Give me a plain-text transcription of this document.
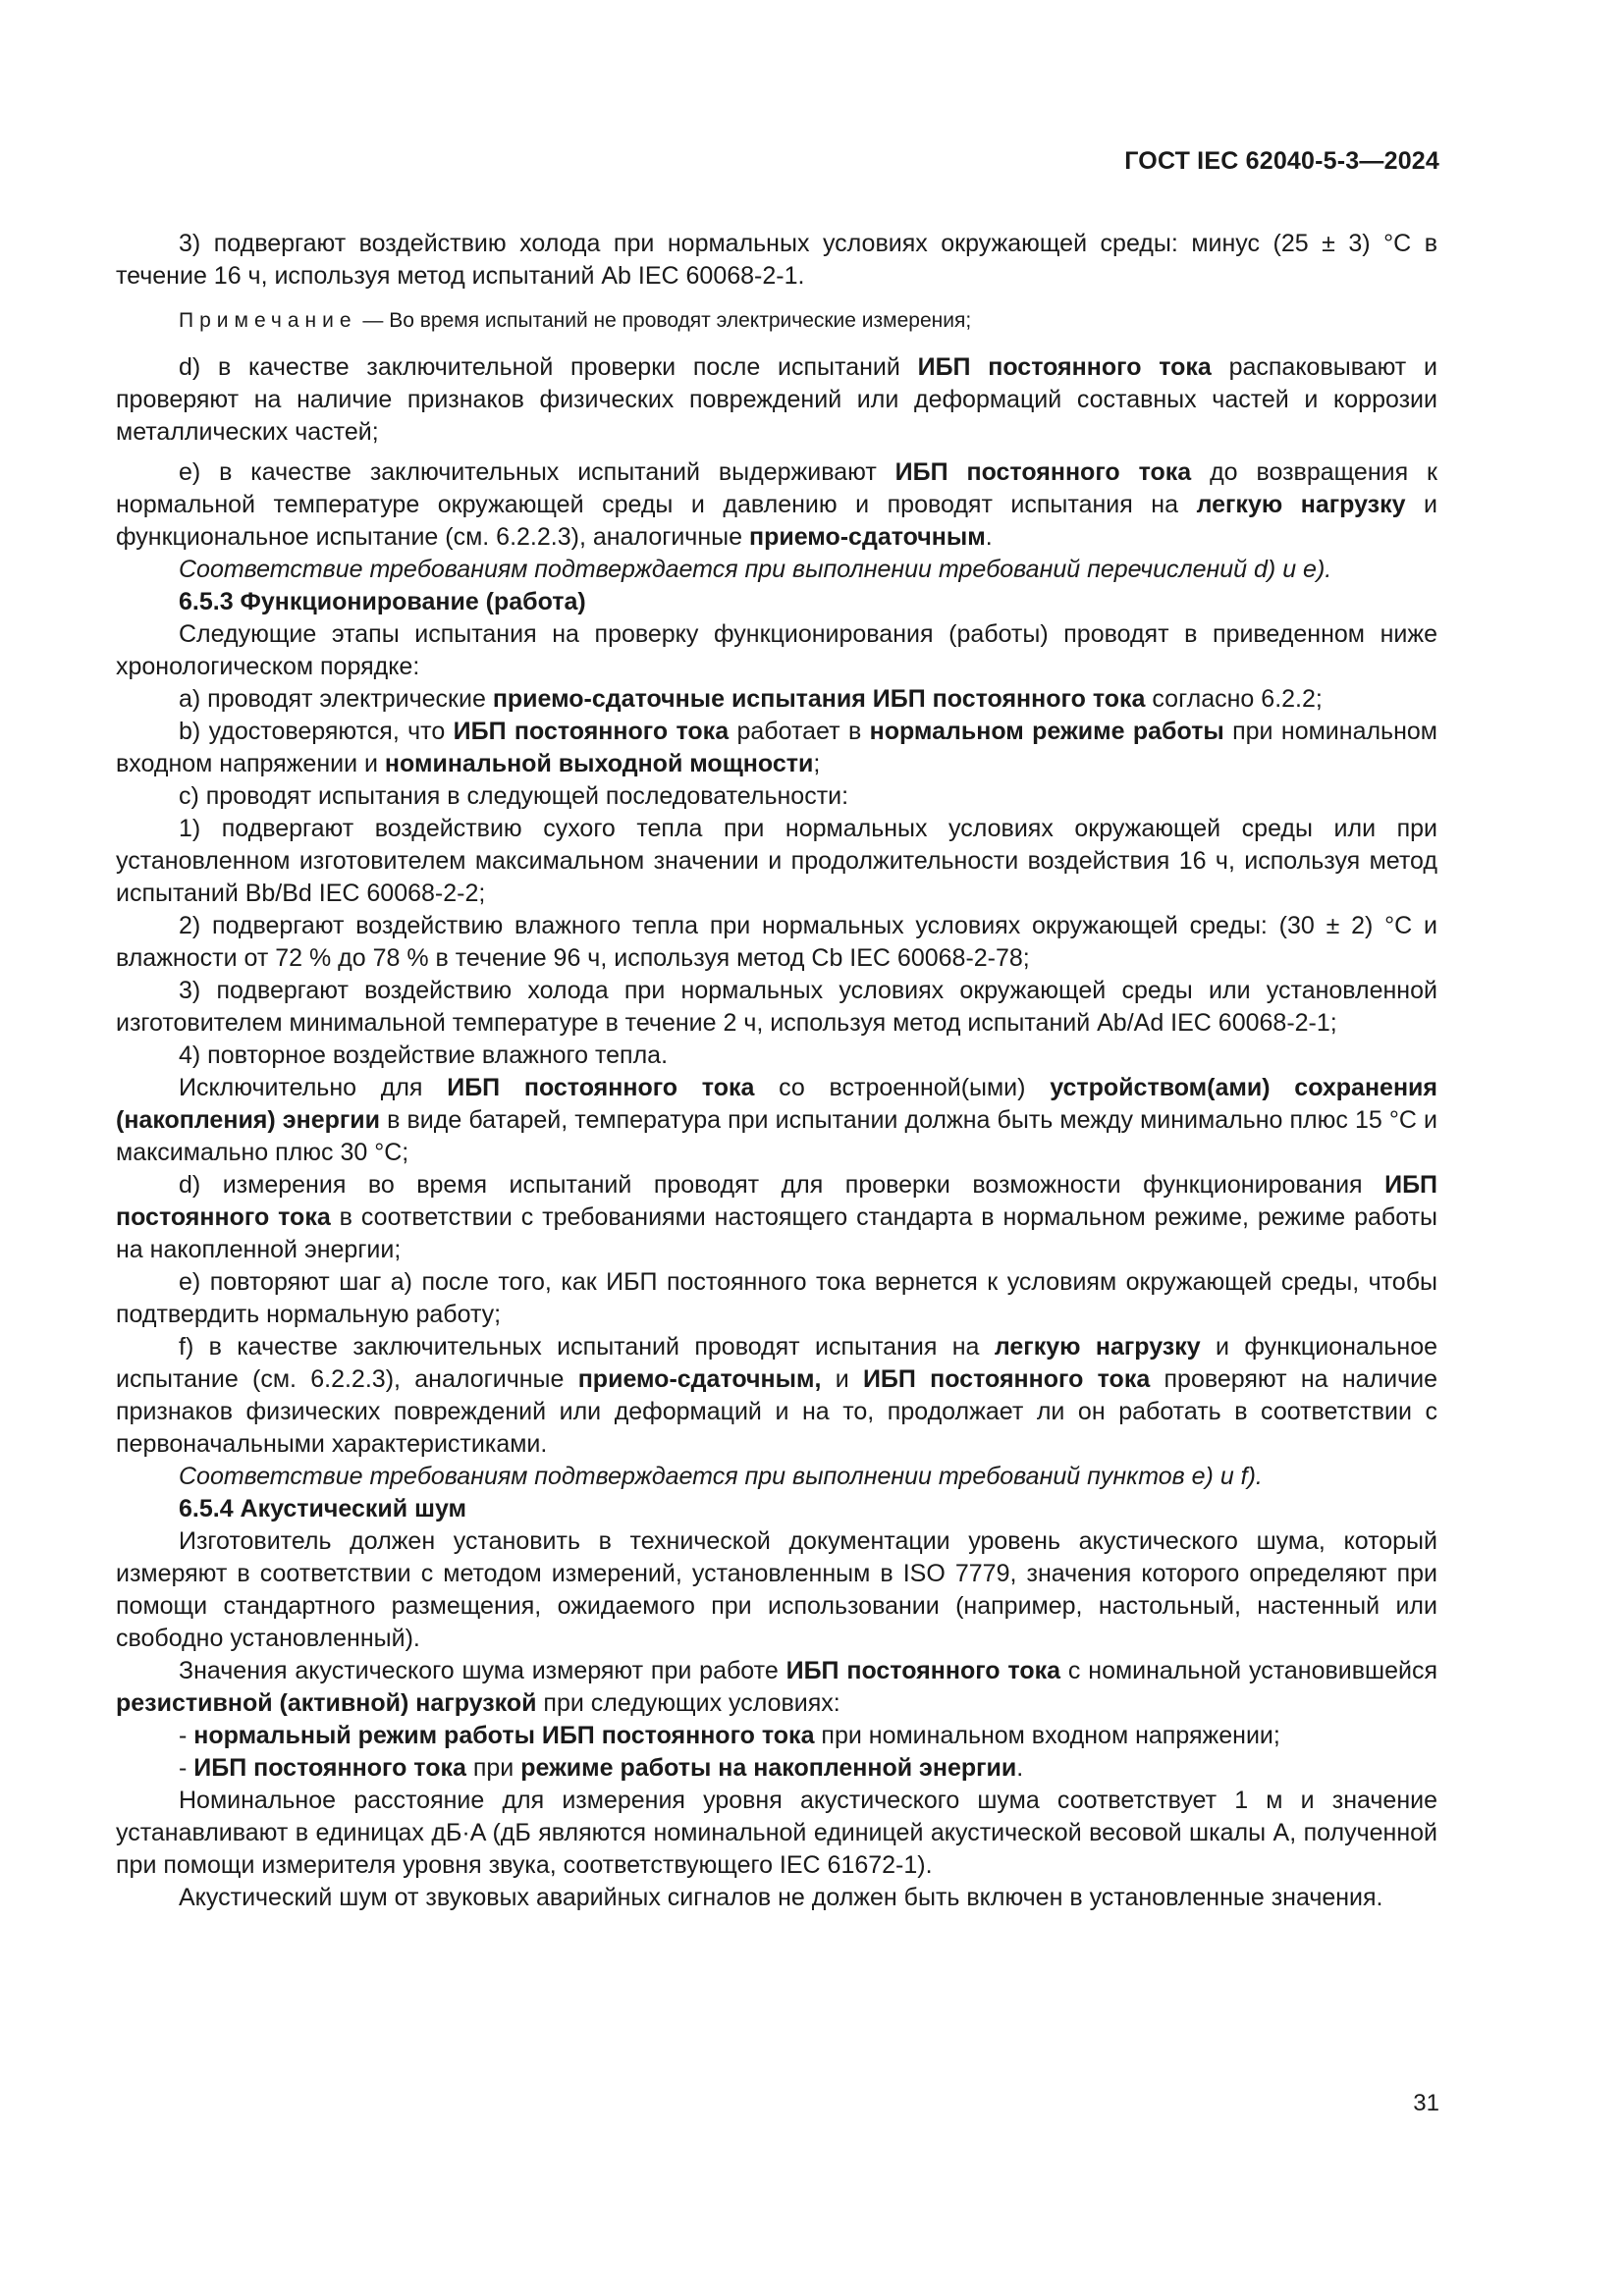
ГОСТ IEC 62040-5-3—2024

3) подвергают воздействию холода при нормальных условиях окружающей среды: минус (25 ± 3) °C в течение 16 ч, используя метод испытаний Ab IEC 60068-2-1.

Примечание — Во время испытаний не проводят электрические измерения;

d) в качестве заключительной проверки после испытаний ИБП постоянного тока распаковывают и проверяют на наличие признаков физических повреждений или деформаций составных частей и коррозии металлических частей;

e) в качестве заключительных испытаний выдерживают ИБП постоянного тока до возвращения к нормальной температуре окружающей среды и давлению и проводят испытания на легкую нагрузку и функциональное испытание (см. 6.2.2.3), аналогичные приемо-сдаточным.

Соответствие требованиям подтверждается при выполнении требований перечислений d) и e).

6.5.3 Функционирование (работа)

Следующие этапы испытания на проверку функционирования (работы) проводят в приведенном ниже хронологическом порядке:

a) проводят электрические приемо-сдаточные испытания ИБП постоянного тока согласно 6.2.2;

b) удостоверяются, что ИБП постоянного тока работает в нормальном режиме работы при номинальном входном напряжении и номинальной выходной мощности;

c) проводят испытания в следующей последовательности:

1) подвергают воздействию сухого тепла при нормальных условиях окружающей среды или при установленном изготовителем максимальном значении и продолжительности воздействия 16 ч, используя метод испытаний Bb/Bd IEC 60068-2-2;

2) подвергают воздействию влажного тепла при нормальных условиях окружающей среды: (30 ± 2) °C и влажности от 72 % до 78 % в течение 96 ч, используя метод Cb IEC 60068-2-78;

3) подвергают воздействию холода при нормальных условиях окружающей среды или установленной изготовителем минимальной температуре в течение 2 ч, используя метод испытаний Ab/Ad IEC 60068-2-1;

4) повторное воздействие влажного тепла.

Исключительно для ИБП постоянного тока со встроенной(ыми) устройством(ами) сохранения (накопления) энергии в виде батарей, температура при испытании должна быть между минимально плюс 15 °C и максимально плюс 30 °C;

d) измерения во время испытаний проводят для проверки возможности функционирования ИБП постоянного тока в соответствии с требованиями настоящего стандарта в нормальном режиме, режиме работы на накопленной энергии;

e) повторяют шаг a) после того, как ИБП постоянного тока вернется к условиям окружающей среды, чтобы подтвердить нормальную работу;

f) в качестве заключительных испытаний проводят испытания на легкую нагрузку и функциональное испытание (см. 6.2.2.3), аналогичные приемо-сдаточным, и ИБП постоянного тока проверяют на наличие признаков физических повреждений или деформаций и на то, продолжает ли он работать в соответствии с первоначальными характеристиками.

Соответствие требованиям подтверждается при выполнении требований пунктов e) и f).

6.5.4 Акустический шум

Изготовитель должен установить в технической документации уровень акустического шума, который измеряют в соответствии с методом измерений, установленным в ISO 7779, значения которого определяют при помощи стандартного размещения, ожидаемого при использовании (например, настольный, настенный или свободно установленный).

Значения акустического шума измеряют при работе ИБП постоянного тока с номинальной установившейся резистивной (активной) нагрузкой при следующих условиях:

- нормальный режим работы ИБП постоянного тока при номинальном входном напряжении;

- ИБП постоянного тока при режиме работы на накопленной энергии.

Номинальное расстояние для измерения уровня акустического шума соответствует 1 м и значение устанавливают в единицах дБ·A (дБ являются номинальной единицей акустической весовой шкалы A, полученной при помощи измерителя уровня звука, соответствующего IEC 61672-1).

Акустический шум от звуковых аварийных сигналов не должен быть включен в установленные значения.

31
